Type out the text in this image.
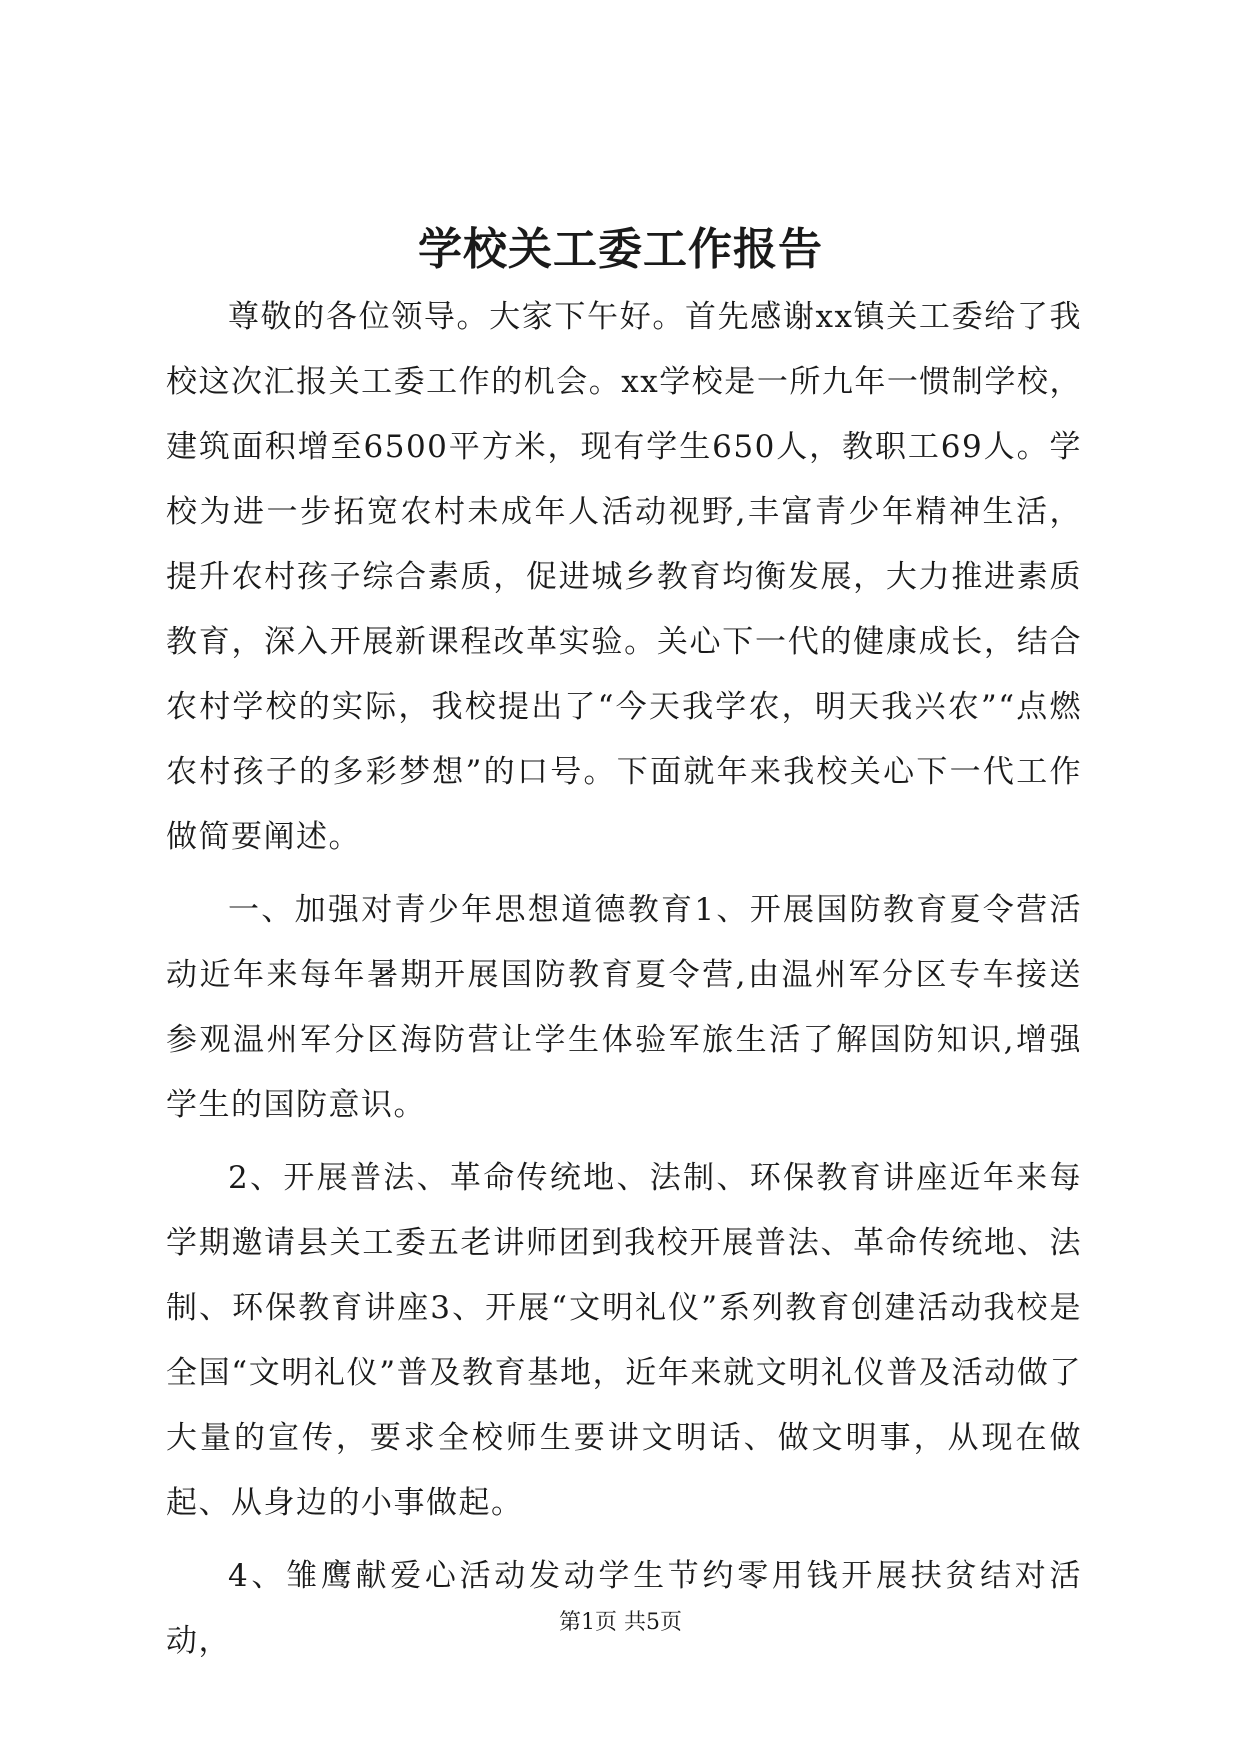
学校关工委工作报告

尊敬的各位领导。大家下午好。首先感谢xx镇关工委给了我校这次汇报关工委工作的机会。xx学校是一所九年一惯制学校，建筑面积增至6500平方米，现有学生650人，教职工69人。学校为进一步拓宽农村未成年人活动视野,丰富青少年精神生活，提升农村孩子综合素质，促进城乡教育均衡发展，大力推进素质教育，深入开展新课程改革实验。关心下一代的健康成长，结合农村学校的实际，我校提出了“今天我学农，明天我兴农”“点燃农村孩子的多彩梦想”的口号。下面就年来我校关心下一代工作做简要阐述。

一、加强对青少年思想道德教育1、开展国防教育夏令营活动近年来每年暑期开展国防教育夏令营,由温州军分区专车接送参观温州军分区海防营让学生体验军旅生活了解国防知识,增强学生的国防意识。

2、开展普法、革命传统地、法制、环保教育讲座近年来每学期邀请县关工委五老讲师团到我校开展普法、革命传统地、法制、环保教育讲座3、开展“文明礼仪”系列教育创建活动我校是全国“文明礼仪”普及教育基地，近年来就文明礼仪普及活动做了大量的宣传，要求全校师生要讲文明话、做文明事，从现在做起、从身边的小事做起。

4、雏鹰献爱心活动发动学生节约零用钱开展扶贫结对活动，

第1页 共5页
